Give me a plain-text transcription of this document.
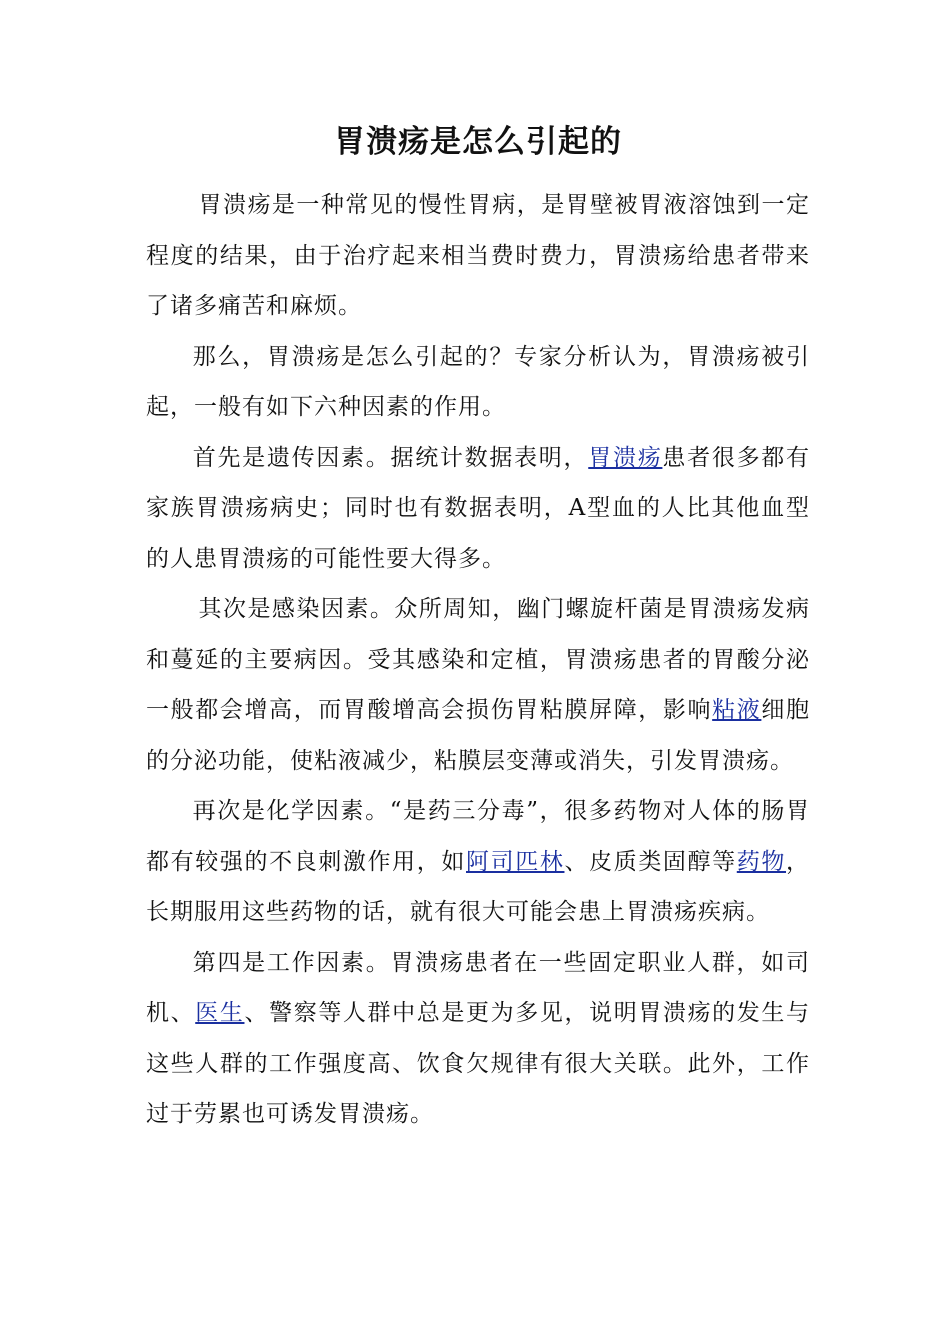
胃溃疡是怎么引起的

胃溃疡是一种常见的慢性胃病，是胃壁被胃液溶蚀到一定程度的结果，由于治疗起来相当费时费力，胃溃疡给患者带来了诸多痛苦和麻烦。

那么，胃溃疡是怎么引起的？专家分析认为，胃溃疡被引起，一般有如下六种因素的作用。

首先是遗传因素。据统计数据表明，胃溃疡患者很多都有家族胃溃疡病史；同时也有数据表明，A型血的人比其他血型的人患胃溃疡的可能性要大得多。

其次是感染因素。众所周知，幽门螺旋杆菌是胃溃疡发病和蔓延的主要病因。受其感染和定植，胃溃疡患者的胃酸分泌一般都会增高，而胃酸增高会损伤胃粘膜屏障，影响粘液细胞的分泌功能，使粘液减少，粘膜层变薄或消失，引发胃溃疡。

再次是化学因素。“是药三分毒”，很多药物对人体的肠胃都有较强的不良刺激作用，如阿司匹林、皮质类固醇等药物，长期服用这些药物的话，就有很大可能会患上胃溃疡疾病。

第四是工作因素。胃溃疡患者在一些固定职业人群，如司机、医生、警察等人群中总是更为多见，说明胃溃疡的发生与这些人群的工作强度高、饮食欠规律有很大关联。此外，工作过于劳累也可诱发胃溃疡。
